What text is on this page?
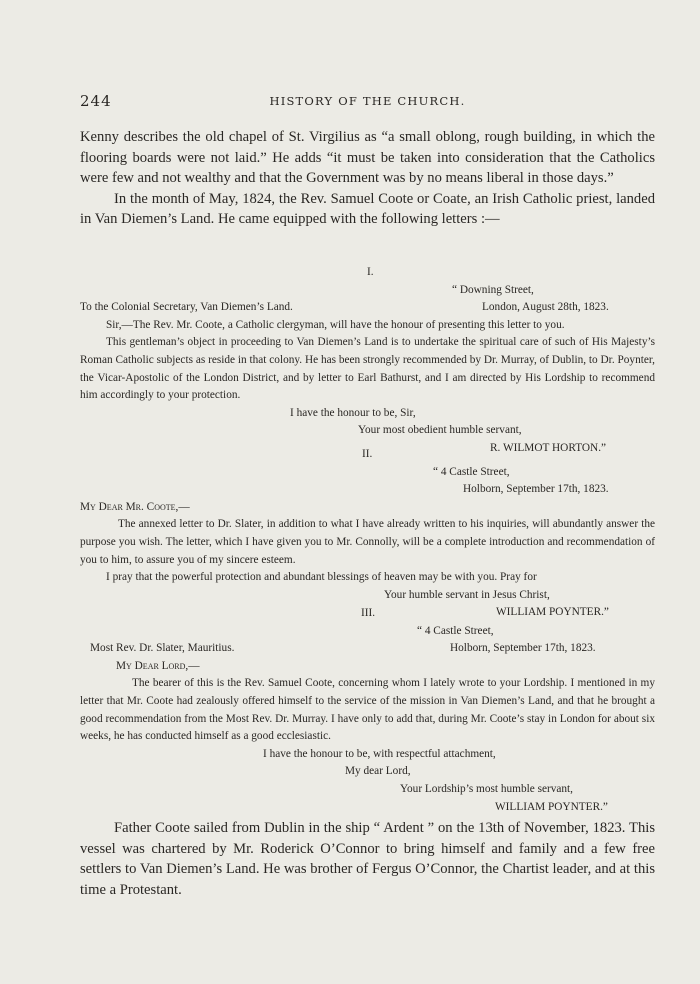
244	HISTORY OF THE CHURCH.

Kenny describes the old chapel of St. Virgilius as “a small oblong, rough building, in which the flooring boards were not laid.” He adds “it must be taken into consideration that the Catholics were few and not wealthy and that the Government was by no means liberal in those days.”

In the month of May, 1824, the Rev. Samuel Coote or Coate, an Irish Catholic priest, landed in Van Diemen’s Land. He came equipped with the following letters :—

I.
“ Downing Street,
To the Colonial Secretary, Van Diemen’s Land.	London, August 28th, 1823.

Sir,—The Rev. Mr. Coote, a Catholic clergyman, will have the honour of presenting this letter to you.

This gentleman’s object in proceeding to Van Diemen’s Land is to undertake the spiritual care of such of His Majesty’s Roman Catholic subjects as reside in that colony. He has been strongly recommended by Dr. Murray, of Dublin, to Dr. Poynter, the Vicar-Apostolic of the London District, and by letter to Earl Bathurst, and I am directed by His Lordship to recommend him accordingly to your protection.

I have the honour to be, Sir,
Your most obedient humble servant,
R. WILMOT HORTON.”
II.
“ 4 Castle Street,
Holborn, September 17th, 1823.
My Dear Mr. Coote,—

The annexed letter to Dr. Slater, in addition to what I have already written to his inquiries, will abundantly answer the purpose you wish. The letter, which I have given you to Mr. Connolly, will be a complete introduction and recommendation of you to him, to assure you of my sincere esteem.

I pray that the powerful protection and abundant blessings of heaven may be with you. Pray for

Your humble servant in Jesus Christ,
WILLIAM POYNTER.”
III.
“ 4 Castle Street,
Most Rev. Dr. Slater, Mauritius.	Holborn, September 17th, 1823.
My Dear Lord,—

The bearer of this is the Rev. Samuel Coote, concerning whom I lately wrote to your Lordship. I mentioned in my letter that Mr. Coote had zealously offered himself to the service of the mission in Van Diemen’s Land, and that he brought a good recommendation from the Most Rev. Dr. Murray. I have only to add that, during Mr. Coote’s stay in London for about six weeks, he has conducted himself as a good ecclesiastic.

I have the honour to be, with respectful attachment,
My dear Lord,
Your Lordship’s most humble servant,
WILLIAM POYNTER.”

Father Coote sailed from Dublin in the ship “ Ardent ” on the 13th of November, 1823. This vessel was chartered by Mr. Roderick O’Connor to bring himself and family and a few free settlers to Van Diemen’s Land. He was brother of Fergus O’Connor, the Chartist leader, and at this time a Protestant.
